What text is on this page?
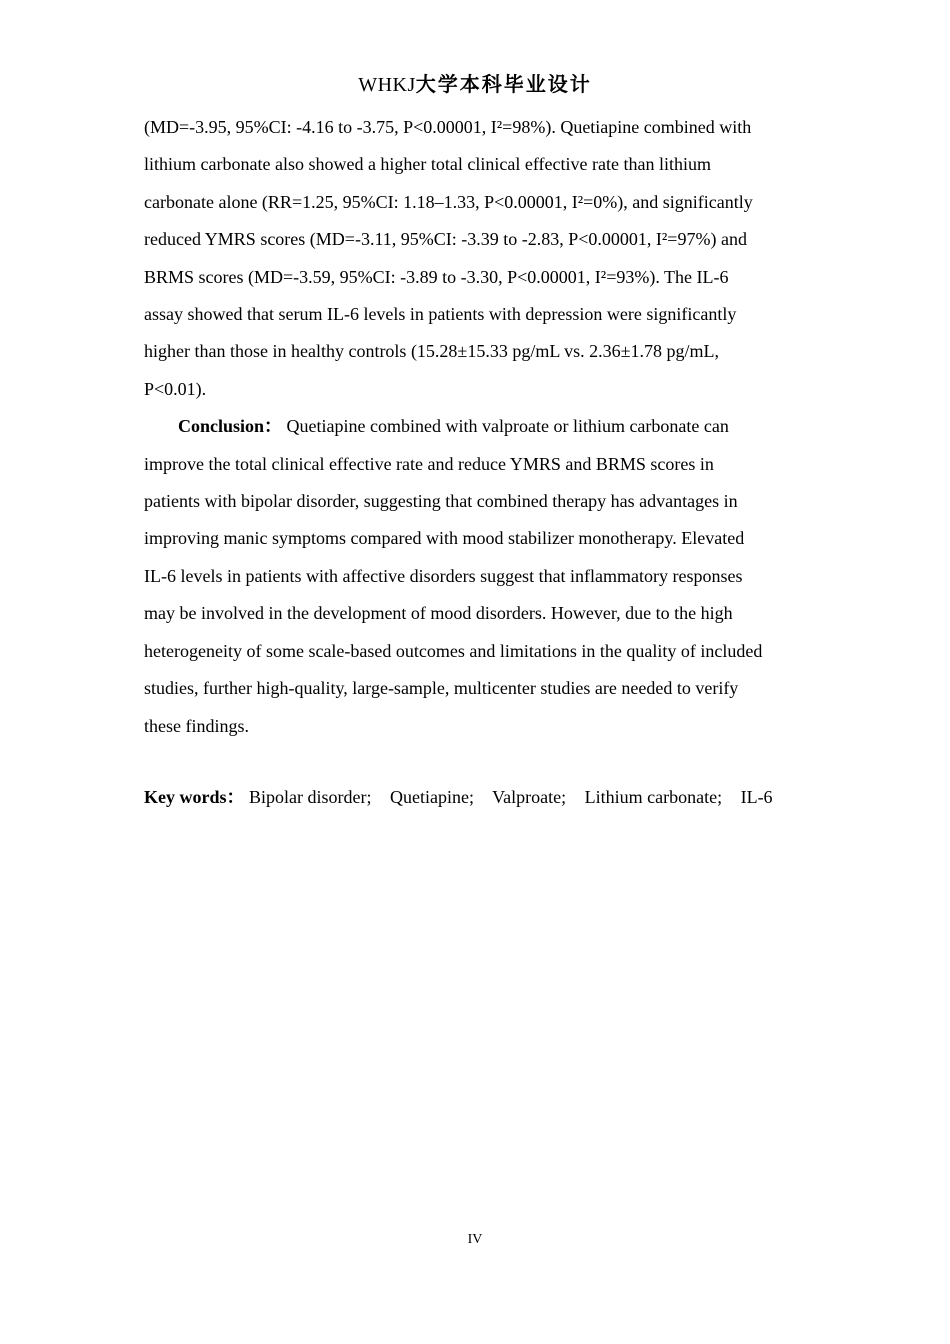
WHKJ大学本科毕业设计

(MD=-3.95, 95%CI: -4.16 to -3.75, P<0.00001, I²=98%). Quetiapine combined with
lithium carbonate also showed a higher total clinical effective rate than lithium
carbonate alone (RR=1.25, 95%CI: 1.18–1.33, P<0.00001, I²=0%), and significantly
reduced YMRS scores (MD=-3.11, 95%CI: -3.39 to -2.83, P<0.00001, I²=97%) and
BRMS scores (MD=-3.59, 95%CI: -3.89 to -3.30, P<0.00001, I²=93%). The IL-6
assay showed that serum IL-6 levels in patients with depression were significantly
higher than those in healthy controls (15.28±15.33 pg/mL vs. 2.36±1.78 pg/mL,
P<0.01).

Conclusion： Quetiapine combined with valproate or lithium carbonate can
improve the total clinical effective rate and reduce YMRS and BRMS scores in
patients with bipolar disorder, suggesting that combined therapy has advantages in
improving manic symptoms compared with mood stabilizer monotherapy. Elevated
IL-6 levels in patients with affective disorders suggest that inflammatory responses
may be involved in the development of mood disorders. However, due to the high
heterogeneity of some scale-based outcomes and limitations in the quality of included
studies, further high-quality, large-sample, multicenter studies are needed to verify
these findings.

Key words： Bipolar disorder; Quetiapine; Valproate; Lithium carbonate; IL-6
IV
